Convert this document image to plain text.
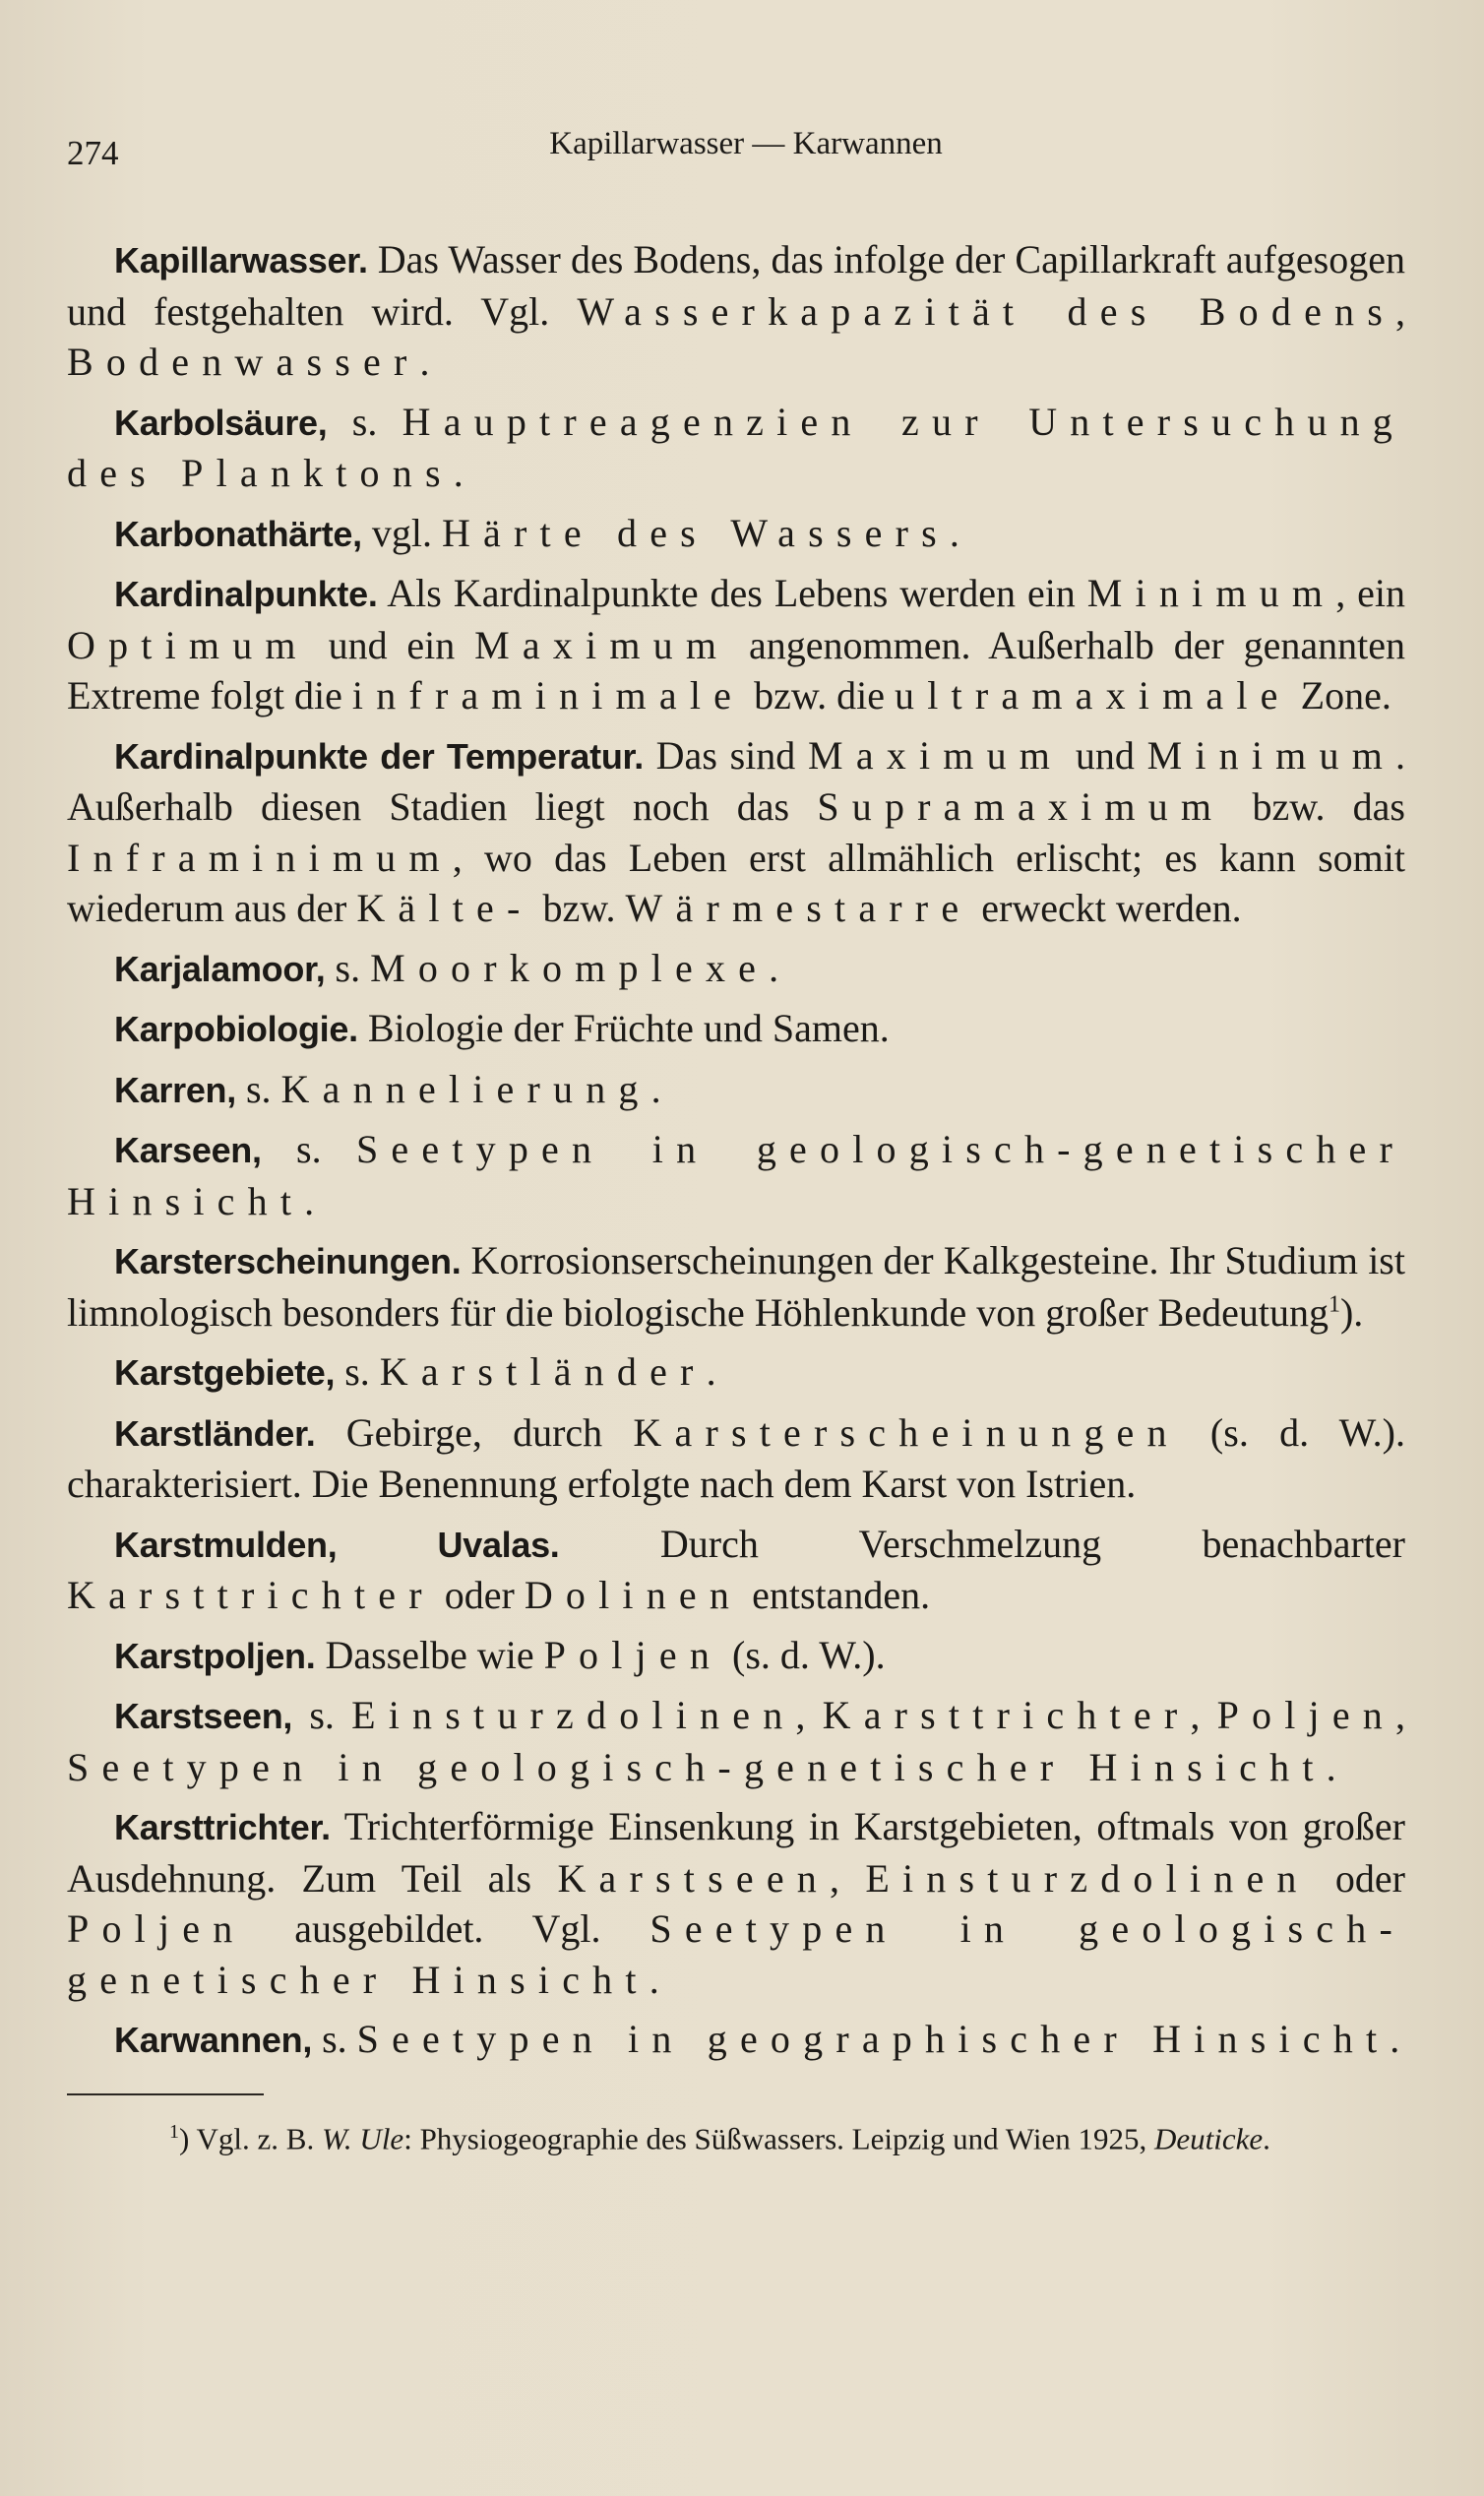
274	Kapillarwasser — Karwannen

Kapillarwasser. Das Wasser des Bodens, das infolge der Capillarkraft aufgesogen und festgehalten wird. Vgl. Wasserkapazität des Bodens, Bodenwasser.

Karbolsäure, s. Hauptreagenzien zur Untersuchung des Planktons.

Karbonathärte, vgl. Härte des Wassers.

Kardinalpunkte. Als Kardinalpunkte des Lebens werden ein Minimum, ein Optimum und ein Maximum angenommen. Außerhalb der genannten Extreme folgt die inframinimale bzw. die ultramaximale Zone.

Kardinalpunkte der Temperatur. Das sind Maximum und Minimum. Außerhalb diesen Stadien liegt noch das Supramaximum bzw. das Inframinimum, wo das Leben erst allmählich erlischt; es kann somit wiederum aus der Kälte- bzw. Wärmestarre erweckt werden.

Karjalamoor, s. Moorkomplexe.

Karpobiologie. Biologie der Früchte und Samen.

Karren, s. Kannelierung.

Karseen, s. Seetypen in geologisch-genetischer Hinsicht.

Karsterscheinungen. Korrosionserscheinungen der Kalkgesteine. Ihr Studium ist limnologisch besonders für die biologische Höhlenkunde von großer Bedeutung$^1$).

Karstgebiete, s. Karstländer.

Karstländer. Gebirge, durch Karsterscheinungen (s. d. W.). charakterisiert. Die Benennung erfolgte nach dem Karst von Istrien.

Karstmulden, Uvalas. Durch Verschmelzung benachbarter Karsttrichter oder Dolinen entstanden.

Karstpoljen. Dasselbe wie Poljen (s. d. W.).

Karstseen, s. Einsturzdolinen, Karsttrichter, Poljen, Seetypen in geologisch-genetischer Hinsicht.

Karsttrichter. Trichterförmige Einsenkung in Karstgebieten, oftmals von großer Ausdehnung. Zum Teil als Karstseen, Einsturzdolinen oder Poljen ausgebildet. Vgl. Seetypen in geologisch-genetischer Hinsicht.

Karwannen, s. Seetypen in geographischer Hinsicht.

$^1$) Vgl. z. B. W. Ule: Physiogeographie des Süßwassers. Leipzig und Wien 1925, Deuticke.
